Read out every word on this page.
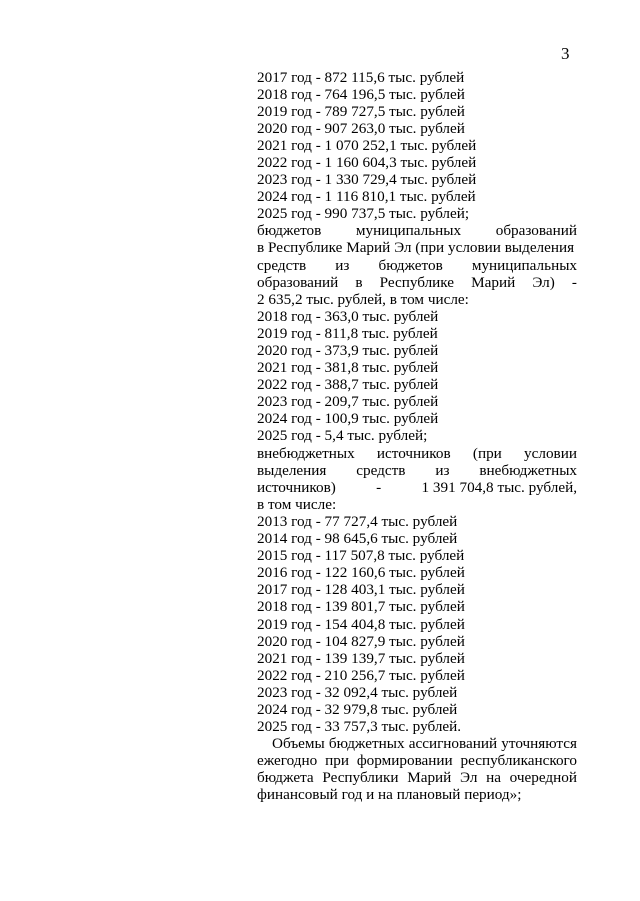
3
2017 год - 872 115,6 тыс. рублей
2018 год - 764 196,5 тыс. рублей
2019 год - 789 727,5 тыс. рублей
2020 год - 907 263,0 тыс. рублей
2021 год - 1 070 252,1 тыс. рублей
2022 год - 1 160 604,3 тыс. рублей
2023 год - 1 330 729,4 тыс. рублей
2024 год - 1 116 810,1 тыс. рублей
2025 год - 990 737,5 тыс. рублей;
бюджетов муниципальных образований
в Республике Марий Эл (при условии выделения
средств из бюджетов муниципальных
образований в Республике Марий Эл) -
2 635,2 тыс. рублей, в том числе:
2018 год - 363,0 тыс. рублей
2019 год - 811,8 тыс. рублей
2020 год - 373,9 тыс. рублей
2021 год - 381,8 тыс. рублей
2022 год - 388,7 тыс. рублей
2023 год - 209,7 тыс. рублей
2024 год - 100,9 тыс. рублей
2025 год - 5,4 тыс. рублей;
внебюджетных источников (при условии
выделения средств из внебюджетных
источников)	-	1 391 704,8 тыс. рублей,
в том числе:
2013 год - 77 727,4 тыс. рублей
2014 год - 98 645,6 тыс. рублей
2015 год - 117 507,8 тыс. рублей
2016 год - 122 160,6 тыс. рублей
2017 год - 128 403,1 тыс. рублей
2018 год - 139 801,7 тыс. рублей
2019 год - 154 404,8 тыс. рублей
2020 год - 104 827,9 тыс. рублей
2021 год - 139 139,7 тыс. рублей
2022 год - 210 256,7 тыс. рублей
2023 год - 32 092,4 тыс. рублей
2024 год - 32 979,8 тыс. рублей
2025 год - 33 757,3 тыс. рублей.
Объемы бюджетных ассигнований уточняются
ежегодно при формировании республиканского
бюджета Республики Марий Эл на очередной
финансовый год и на плановый период»;
